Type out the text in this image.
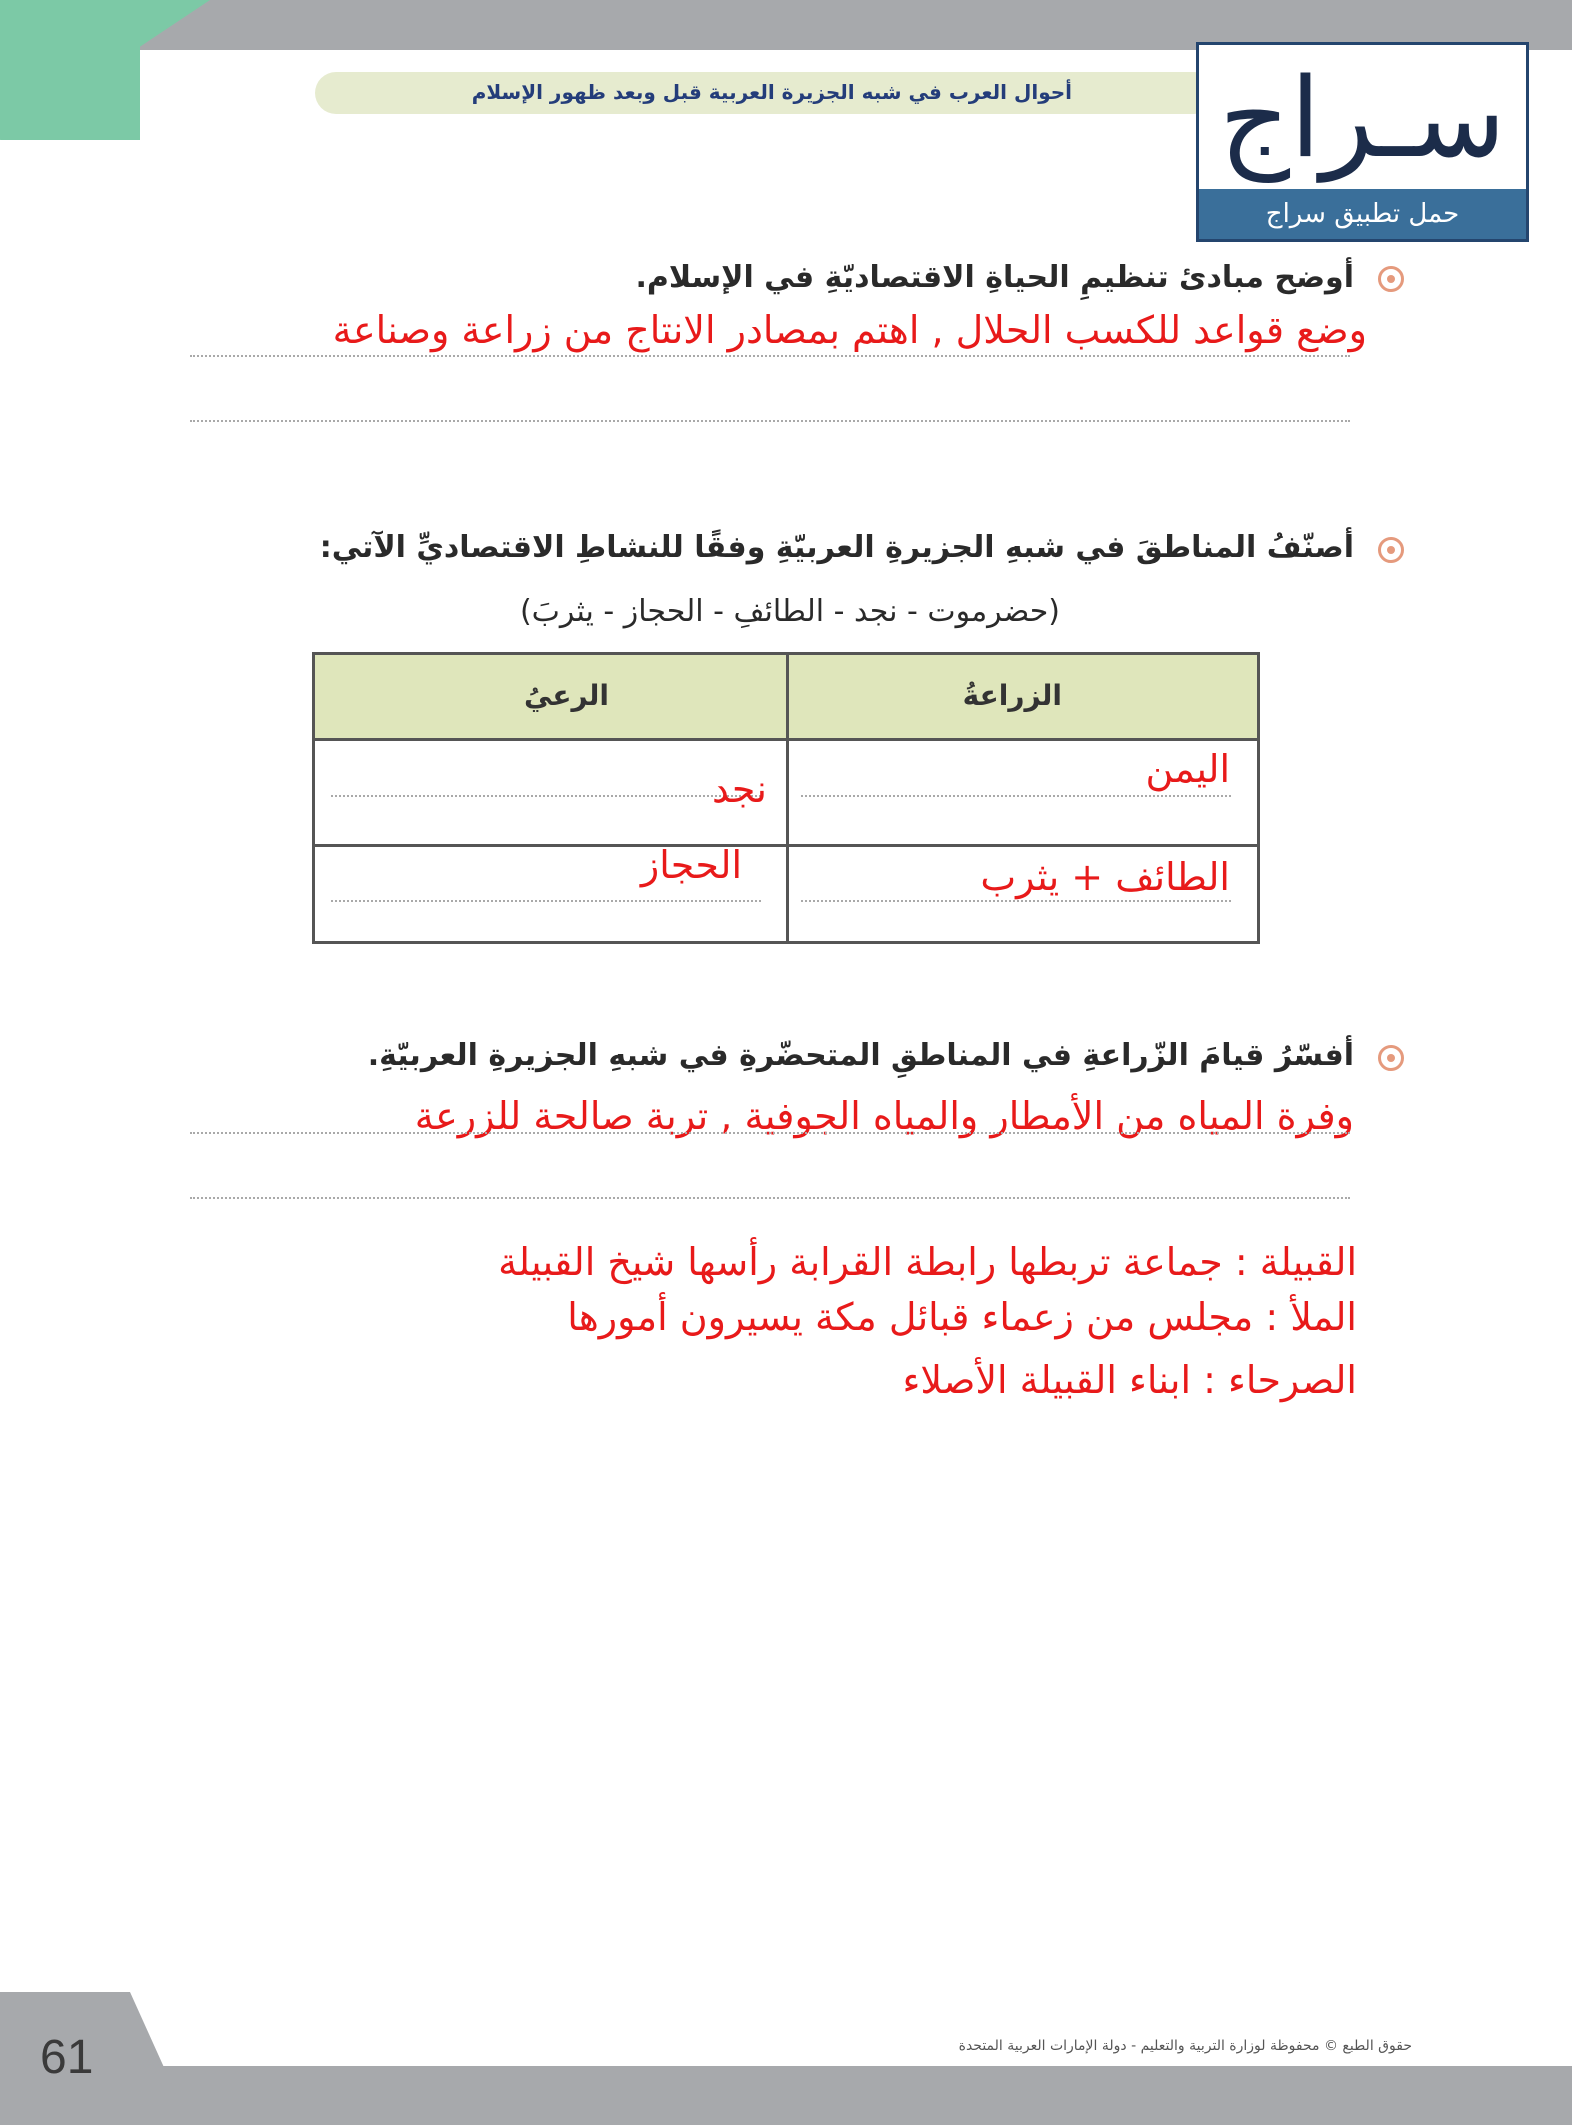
أحوال العرب في شبه الجزيرة العربية قبل وبعد ظهور الإسلام سـراج
حمل تطبيق سراج
أوضح مبادئ تنظيمِ الحياةِ الاقتصاديّةِ في الإسلام.
وضع قواعد للكسب الحلال , اهتم بمصادر الانتاج من زراعة وصناعة
أصنّفُ المناطقَ في شبهِ الجزيرةِ العربيّةِ وفقًا للنشاطِ الاقتصاديِّ الآتي:
(حضرموت - نجد - الطائفِ - الحجاز - يثربَ)
الزراعةُ
الرعيُ
اليمن
الطائف + يثرب
نجد
الحجاز
أفسّرُ قيامَ الزّراعةِ في المناطقِ المتحضّرةِ في شبهِ الجزيرةِ العربيّةِ.
وفرة المياه من الأمطار والمياه الجوفية , تربة صالحة للزرعة
القبيلة : جماعة تربطها رابطة القرابة رأسها شيخ القبيلة
الملأ : مجلس من زعماء قبائل مكة يسيرون أمورها
الصرحاء : ابناء القبيلة الأصلاء
61	حقوق الطبع © محفوظة لوزارة التربية والتعليم - دولة الإمارات العربية المتحدة
